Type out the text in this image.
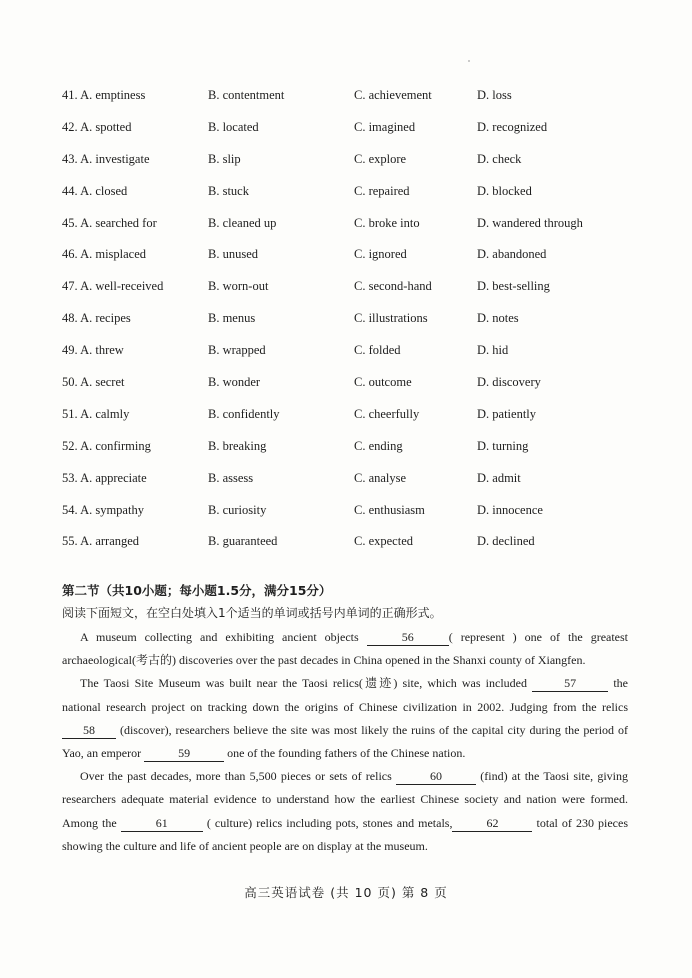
41. A. emptiness	B. contentment	C. achievement	D. loss
42. A. spotted	B. located	C. imagined	D. recognized
43. A. investigate	B. slip	C. explore	D. check
44. A. closed	B. stuck	C. repaired	D. blocked
45. A. searched for	B. cleaned up	C. broke into	D. wandered through
46. A. misplaced	B. unused	C. ignored	D. abandoned
47. A. well-received	B. worn-out	C. second-hand	D. best-selling
48. A. recipes	B. menus	C. illustrations	D. notes
49. A. threw	B. wrapped	C. folded	D. hid
50. A. secret	B. wonder	C. outcome	D. discovery
51. A. calmly	B. confidently	C. cheerfully	D. patiently
52. A. confirming	B. breaking	C. ending	D. turning
53. A. appreciate	B. assess	C. analyse	D. admit
54. A. sympathy	B. curiosity	C. enthusiasm	D. innocence
55. A. arranged	B. guaranteed	C. expected	D. declined
第二节（共10小题；每小题1.5分，满分15分）
阅读下面短文，在空白处填入1个适当的单词或括号内单词的正确形式。

A museum collecting and exhibiting ancient objects	56	( represent ) one of the greatest archaeological(考古的) discoveries over the past decades in China opened in the Shanxi county of Xiangfen.

The Taosi Site Museum was built near the Taosi relics(遗迹) site, which was included	57	the national research project on tracking down the origins of Chinese civilization in 2002. Judging from the relics 58 (discover), researchers believe the site was most likely the ruins of the capital city during the period of Yao, an emperor	59	one of the founding fathers of the Chinese nation.

Over the past decades, more than 5,500 pieces or sets of relics	60	(find) at the Taosi site, giving researchers adequate material evidence to understand how the earliest Chinese society and nation were formed. Among the	61	( culture) relics including pots, stones and metals,	62	total of 230 pieces showing the culture and life of ancient people are on display at the museum.

高三英语试卷 (共 10 页) 第 8 页
